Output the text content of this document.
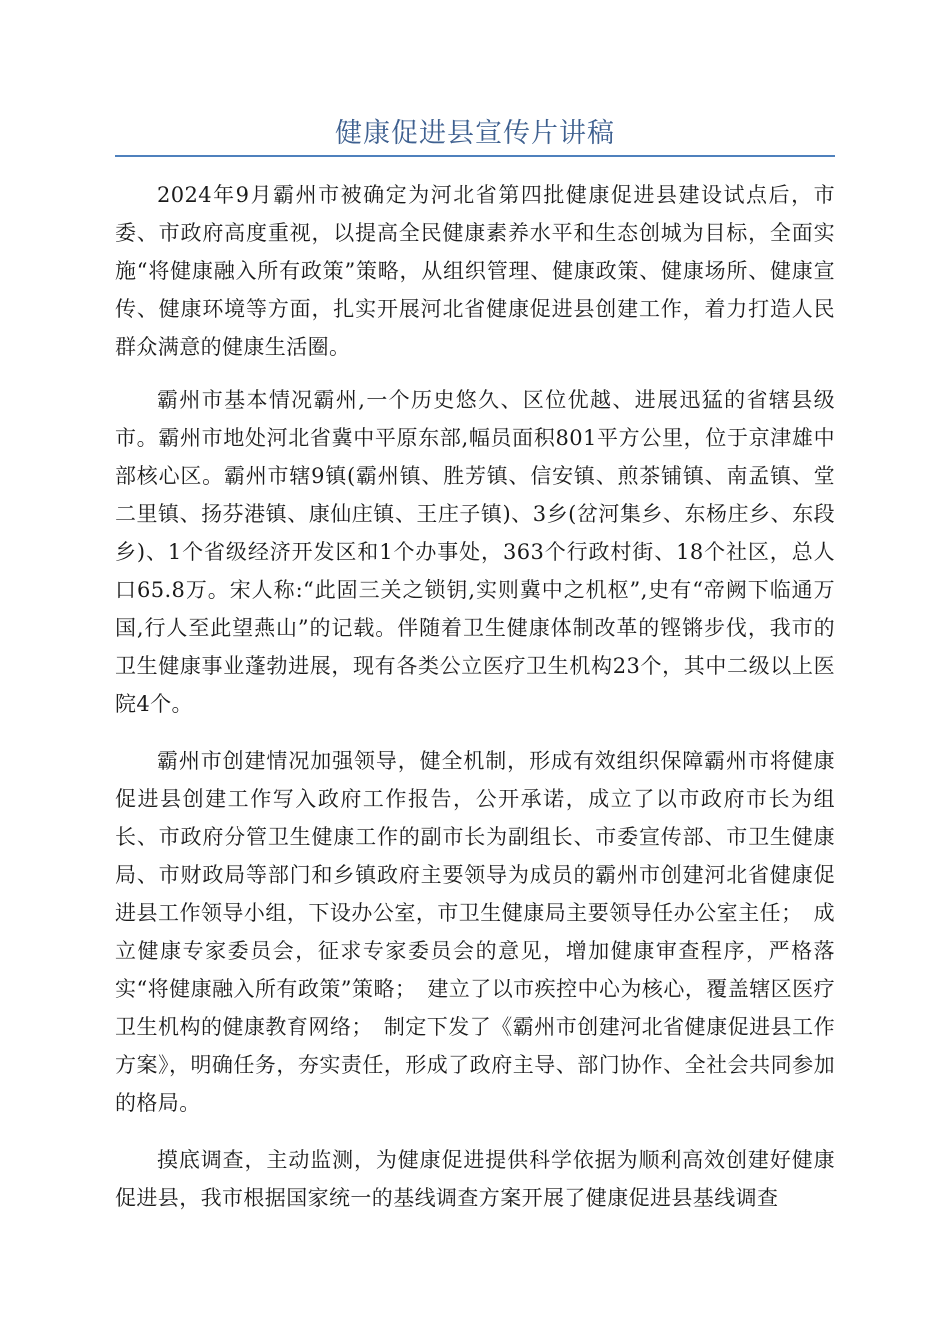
健康促进县宣传片讲稿

2024年9月霸州市被确定为河北省第四批健康促进县建设试点后，市委、市政府高度重视，以提高全民健康素养水平和生态创城为目标，全面实施“将健康融入所有政策”策略，从组织管理、健康政策、健康场所、健康宣传、健康环境等方面，扎实开展河北省健康促进县创建工作，着力打造人民群众满意的健康生活圈。

霸州市基本情况霸州,一个历史悠久、区位优越、进展迅猛的省辖县级市。霸州市地处河北省冀中平原东部,幅员面积801平方公里，位于京津雄中部核心区。霸州市辖9镇(霸州镇、胜芳镇、信安镇、煎茶铺镇、南孟镇、堂二里镇、扬芬港镇、康仙庄镇、王庄子镇)、3乡(岔河集乡、东杨庄乡、东段乡)、1个省级经济开发区和1个办事处，363个行政村街、18个社区，总人口65.8万。宋人称:“此固三关之锁钥,实则冀中之机枢”,史有“帝阙下临通万国,行人至此望燕山”的记载。伴随着卫生健康体制改革的铿锵步伐，我市的卫生健康事业蓬勃进展，现有各类公立医疗卫生机构23个，其中二级以上医院4个。

霸州市创建情况加强领导，健全机制，形成有效组织保障霸州市将健康促进县创建工作写入政府工作报告，公开承诺，成立了以市政府市长为组长、市政府分管卫生健康工作的副市长为副组长、市委宣传部、市卫生健康局、市财政局等部门和乡镇政府主要领导为成员的霸州市创建河北省健康促进县工作领导小组，下设办公室，市卫生健康局主要领导任办公室主任；　成立健康专家委员会，征求专家委员会的意见，增加健康审查程序，严格落实“将健康融入所有政策”策略；　建立了以市疾控中心为核心，覆盖辖区医疗卫生机构的健康教育网络；　制定下发了《霸州市创建河北省健康促进县工作方案》，明确任务，夯实责任，形成了政府主导、部门协作、全社会共同参加的格局。

摸底调查，主动监测，为健康促进提供科学依据为顺利高效创建好健康促进县，我市根据国家统一的基线调查方案开展了健康促进县基线调查
